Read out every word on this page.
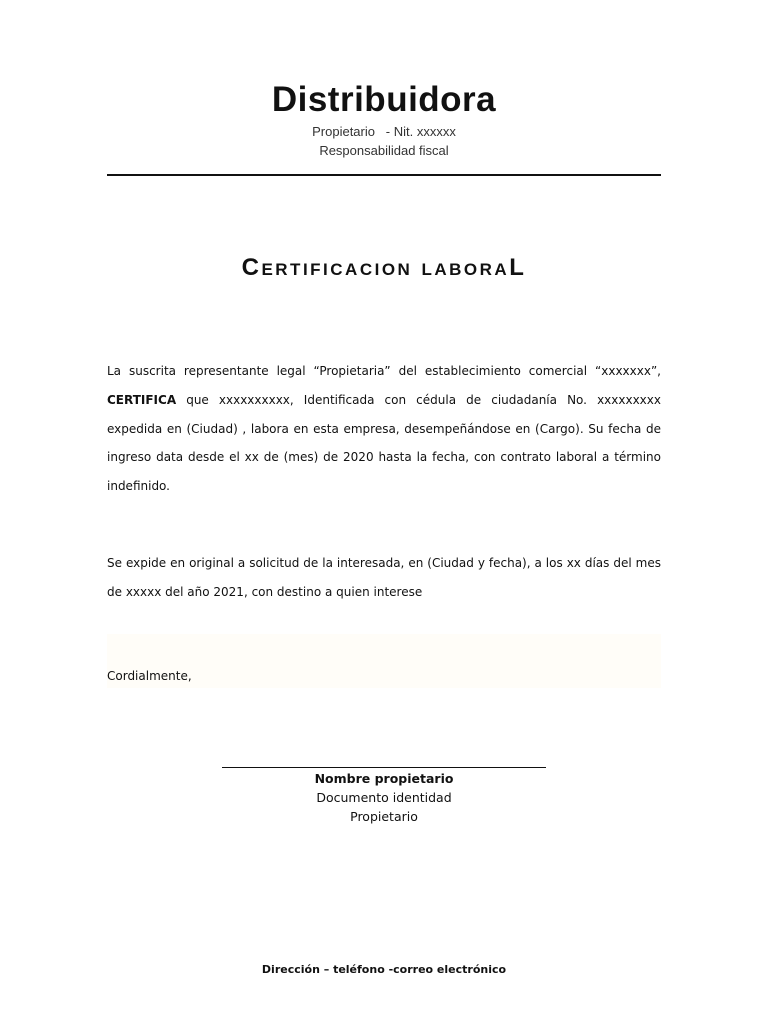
Distribuidora
Propietario   - Nit. xxxxxx
Responsabilidad fiscal
Certificacion laboraL

La suscrita representante legal “Propietaria” del establecimiento comercial “xxxxxxx”, CERTIFICA que xxxxxxxxxx, Identificada con cédula de ciudadanía No. xxxxxxxxx expedida en (Ciudad) , labora en esta empresa, desempeñándose en (Cargo). Su fecha de ingreso data desde el xx de (mes) de 2020 hasta la fecha, con contrato laboral a término indefinido.

Se expide en original a solicitud de la interesada, en (Ciudad y fecha), a los xx días del mes de xxxxx del año 2021, con destino a quien interese

Cordialmente,
Nombre propietario
Documento identidad
Propietario
Dirección – teléfono -correo electrónico
